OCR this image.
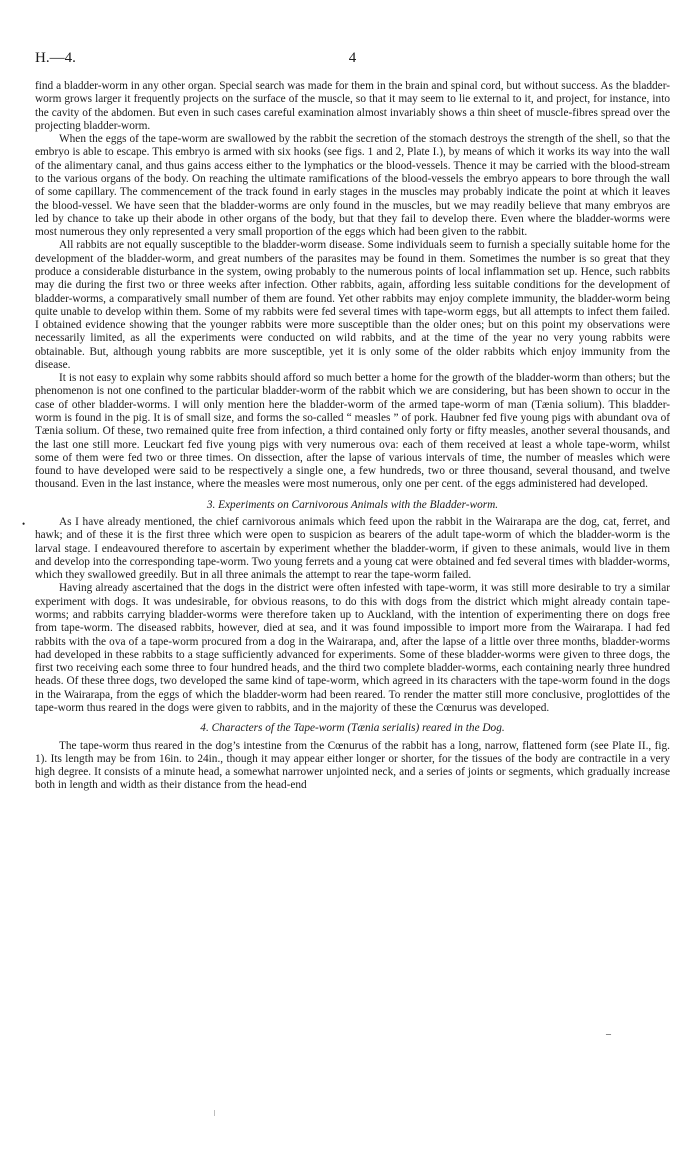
H.—4.	4

find a bladder-worm in any other organ. Special search was made for them in the brain and spinal cord, but without success. As the bladder-worm grows larger it frequently projects on the surface of the muscle, so that it may seem to lie external to it, and project, for instance, into the cavity of the abdomen. But even in such cases careful examination almost invariably shows a thin sheet of muscle-fibres spread over the projecting bladder-worm.

When the eggs of the tape-worm are swallowed by the rabbit the secretion of the stomach destroys the strength of the shell, so that the embryo is able to escape. This embryo is armed with six hooks (see figs. 1 and 2, Plate I.), by means of which it works its way into the wall of the alimentary canal, and thus gains access either to the lymphatics or the blood-vessels. Thence it may be carried with the blood-stream to the various organs of the body. On reaching the ultimate ramifications of the blood-vessels the embryo appears to bore through the wall of some capillary. The commencement of the track found in early stages in the muscles may probably indicate the point at which it leaves the blood-vessel. We have seen that the bladder-worms are only found in the muscles, but we may readily believe that many embryos are led by chance to take up their abode in other organs of the body, but that they fail to develop there. Even where the bladder-worms were most numerous they only represented a very small proportion of the eggs which had been given to the rabbit.

All rabbits are not equally susceptible to the bladder-worm disease. Some individuals seem to furnish a specially suitable home for the development of the bladder-worm, and great numbers of the parasites may be found in them. Sometimes the number is so great that they produce a considerable disturbance in the system, owing probably to the numerous points of local inflammation set up. Hence, such rabbits may die during the first two or three weeks after infection. Other rabbits, again, affording less suitable conditions for the development of bladder-worms, a comparatively small number of them are found. Yet other rabbits may enjoy complete immunity, the bladder-worm being quite unable to develop within them. Some of my rabbits were fed several times with tape-worm eggs, but all attempts to infect them failed. I obtained evidence showing that the younger rabbits were more susceptible than the older ones; but on this point my observations were necessarily limited, as all the experiments were conducted on wild rabbits, and at the time of the year no very young rabbits were obtainable. But, although young rabbits are more susceptible, yet it is only some of the older rabbits which enjoy immunity from the disease.

It is not easy to explain why some rabbits should afford so much better a home for the growth of the bladder-worm than others; but the phenomenon is not one confined to the particular bladder-worm of the rabbit which we are considering, but has been shown to occur in the case of other bladder-worms. I will only mention here the bladder-worm of the armed tape-worm of man (Tænia solium). This bladder-worm is found in the pig. It is of small size, and forms the so-called “ measles ” of pork. Haubner fed five young pigs with abundant ova of Tænia solium. Of these, two remained quite free from infection, a third contained only forty or fifty measles, another several thousands, and the last one still more. Leuckart fed five young pigs with very numerous ova: each of them received at least a whole tape-worm, whilst some of them were fed two or three times. On dissection, after the lapse of various intervals of time, the number of measles which were found to have developed were said to be respectively a single one, a few hundreds, two or three thousand, several thousand, and twelve thousand. Even in the last instance, where the measles were most numerous, only one per cent. of the eggs administered had developed.

3. Experiments on Carnivorous Animals with the Bladder-worm.

As I have already mentioned, the chief carnivorous animals which feed upon the rabbit in the Wairarapa are the dog, cat, ferret, and hawk; and of these it is the first three which were open to suspicion as bearers of the adult tape-worm of which the bladder-worm is the larval stage. I endeavoured therefore to ascertain by experiment whether the bladder-worm, if given to these animals, would live in them and develop into the corresponding tape-worm. Two young ferrets and a young cat were obtained and fed several times with bladder-worms, which they swallowed greedily. But in all three animals the attempt to rear the tape-worm failed.

Having already ascertained that the dogs in the district were often infested with tape-worm, it was still more desirable to try a similar experiment with dogs. It was undesirable, for obvious reasons, to do this with dogs from the district which might already contain tape-worms; and rabbits carrying bladder-worms were therefore taken up to Auckland, with the intention of experimenting there on dogs free from tape-worm. The diseased rabbits, however, died at sea, and it was found impossible to import more from the Wairarapa. I had fed rabbits with the ova of a tape-worm procured from a dog in the Wairarapa, and, after the lapse of a little over three months, bladder-worms had developed in these rabbits to a stage sufficiently advanced for experiments. Some of these bladder-worms were given to three dogs, the first two receiving each some three to four hundred heads, and the third two complete bladder-worms, each containing nearly three hundred heads. Of these three dogs, two developed the same kind of tape-worm, which agreed in its characters with the tape-worm found in the dogs in the Wairarapa, from the eggs of which the bladder-worm had been reared. To render the matter still more conclusive, proglottides of the tape-worm thus reared in the dogs were given to rabbits, and in the majority of these the Cœnurus was developed.

4. Characters of the Tape-worm (Tænia serialis) reared in the Dog.

The tape-worm thus reared in the dog’s intestine from the Cœnurus of the rabbit has a long, narrow, flattened form (see Plate II., fig. 1). Its length may be from 16in. to 24in., though it may appear either longer or shorter, for the tissues of the body are contractile in a very high degree. It consists of a minute head, a somewhat narrower unjointed neck, and a series of joints or segments, which gradually increase both in length and width as their distance from the head-end

•
–
